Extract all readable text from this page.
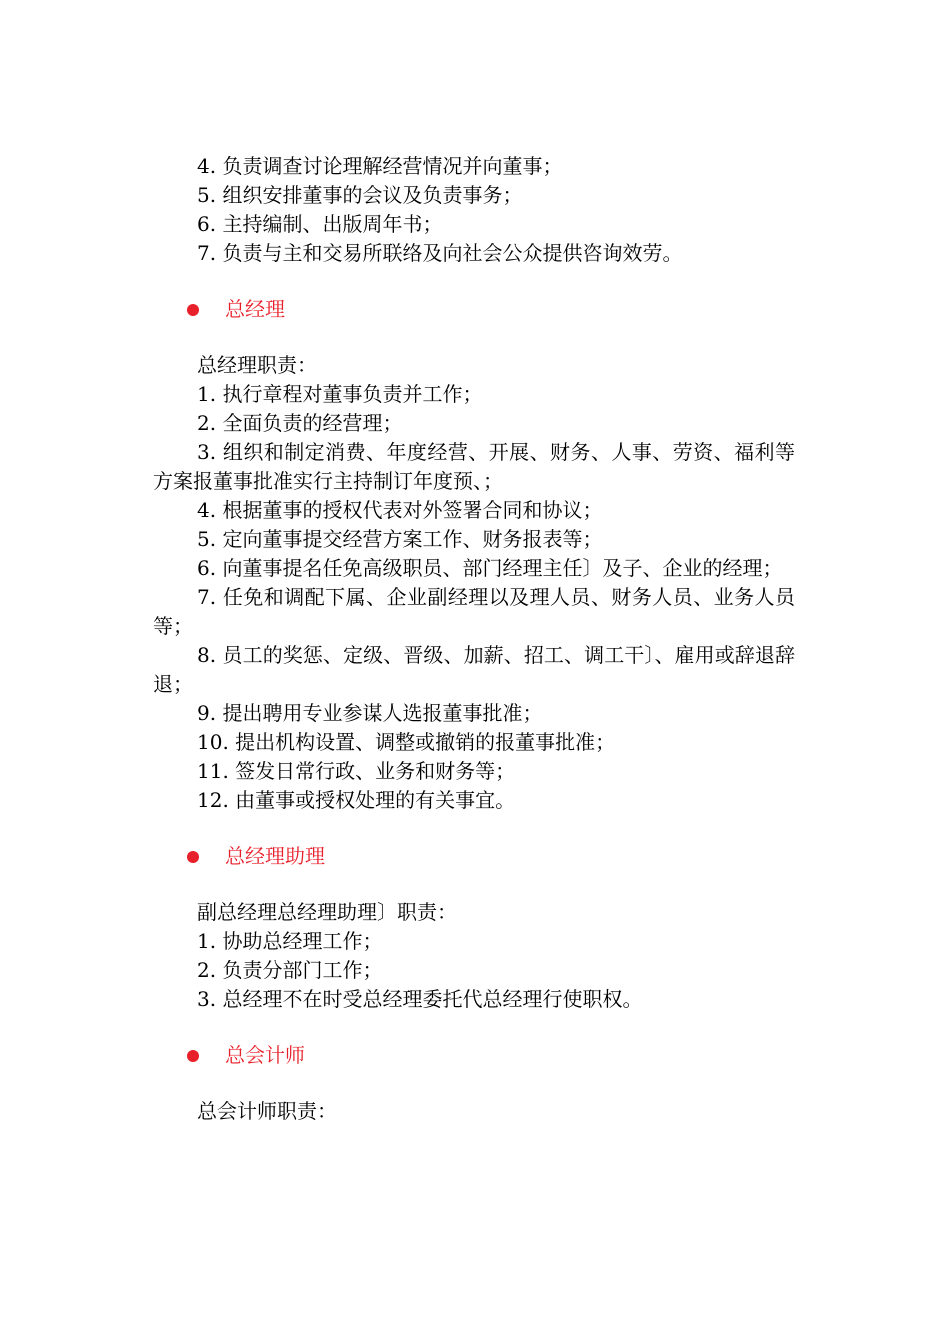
4. 负责调查讨论理解经营情况并向董事；

5. 组织安排董事的会议及负责事务；

6. 主持编制、出版周年书；

7. 负责与主和交易所联络及向社会公众提供咨询效劳。

总经理

总经理职责：

1. 执行章程对董事负责并工作；

2. 全面负责的经营理；

3. 组织和制定消费、年度经营、开展、财务、人事、劳资、福利等方案报董事批准实行主持制订年度预、；

4. 根据董事的授权代表对外签署合同和协议；

5. 定向董事提交经营方案工作、财务报表等；

6. 向董事提名任免高级职员、部门经理主任〕及子、企业的经理；

7. 任免和调配下属、企业副经理以及理人员、财务人员、业务人员等；

8. 员工的奖惩、定级、晋级、加薪、招工、调工干〕、雇用或辞退辞退；

9. 提出聘用专业参谋人选报董事批准；

10. 提出机构设置、调整或撤销的报董事批准；

11. 签发日常行政、业务和财务等；

12. 由董事或授权处理的有关事宜。

总经理助理

副总经理总经理助理〕职责：

1. 协助总经理工作；

2. 负责分部门工作；

3. 总经理不在时受总经理委托代总经理行使职权。

总会计师

总会计师职责：
